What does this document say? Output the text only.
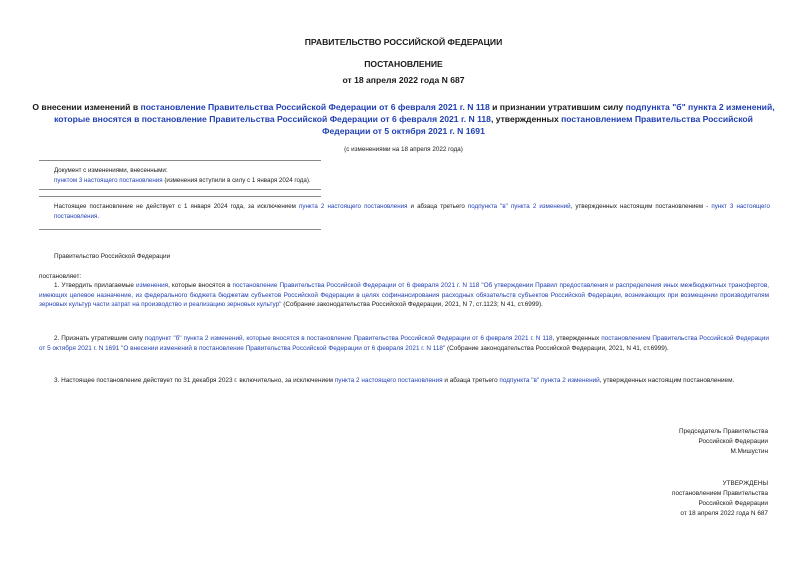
ПРАВИТЕЛЬСТВО РОССИЙСКОЙ ФЕДЕРАЦИИ
ПОСТАНОВЛЕНИЕ
от 18 апреля 2022 года N 687
О внесении изменений в постановление Правительства Российской Федерации от 6 февраля 2021 г. N 118 и признании утратившим силу подпункта "б" пункта 2 изменений, которые вносятся в постановление Правительства Российской Федерации от 6 февраля 2021 г. N 118, утвержденных постановлением Правительства Российской Федерации от 5 октября 2021 г. N 1691
(с изменениями на 18 апреля 2022 года)
Документ с изменениями, внесенными:
пунктом 3 настоящего постановления (изменения вступили в силу с 1 января 2024 года).
Настоящее постановление не действует с 1 января 2024 года, за исключением пункта 2 настоящего постановления и абзаца третьего подпункта "в" пункта 2 изменений, утвержденных настоящим постановлением - пункт 3 настоящего постановления.
Правительство Российской Федерации
постановляет:
1. Утвердить прилагаемые изменения, которые вносятся в постановление Правительства Российской Федерации от 6 февраля 2021 г. N 118 "Об утверждении Правил предоставления и распределения иных межбюджетных трансфертов, имеющих целевое назначение, из федерального бюджета бюджетам субъектов Российской Федерации в целях софинансирования расходных обязательств субъектов Российской Федерации, возникающих при возмещении производителям зерновых культур части затрат на производство и реализацию зерновых культур" (Собрание законодательства Российской Федерации, 2021, N 7, ст.1123; N 41, ст.6999).
2. Признать утратившим силу подпункт "б" пункта 2 изменений, которые вносятся в постановление Правительства Российской Федерации от 6 февраля 2021 г. N 118, утвержденных постановлением Правительства Российской Федерации от 5 октября 2021 г. N 1691 "О внесении изменений в постановление Правительства Российской Федерации от 6 февраля 2021 г. N 118" (Собрание законодательства Российской Федерации, 2021, N 41, ст.6999).
3. Настоящее постановление действует по 31 декабря 2023 г. включительно, за исключением пункта 2 настоящего постановления и абзаца третьего подпункта "в" пункта 2 изменений, утвержденных настоящим постановлением.
Председатель Правительства
Российской Федерации
М.Мишустин
УТВЕРЖДЕНЫ
постановлением Правительства
Российской Федерации
от 18 апреля 2022 года N 687
